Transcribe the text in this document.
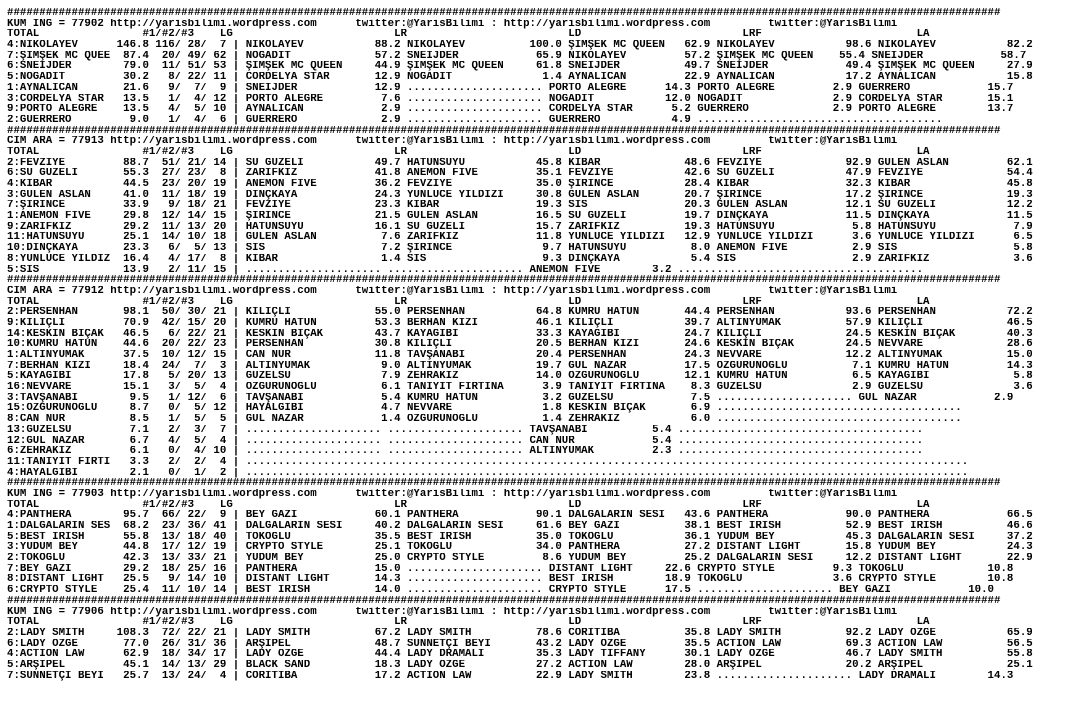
##########################################################################################################################################################
KUM ING = 77902 http://yarisbilimi.wordpress.com      twitter:@YarisBilimi : http://yarisbilimi.wordpress.com         twitter:@YarisBilimi
TOTAL                #1/#2/#3    LG                         LR                         LD                         LRF                        LA
4:NIKOLAYEV      146.8 116/ 28/  7 | NİKOLAYEV           88.2 NIKOLAYEV          100.0 ŞİMŞEK MC QUEEN   62.9 NIKOLAYEV           98.6 NIKOLAYEV           82.2
7:ŞİMŞEK MC QUEE  87.4  20/ 49/ 62 | NOĞADİT             57.2 SNEIJDER            65.9 NİKOLAYEV         57.2 ŞİMŞEK MC QUEEN    55.4 SNEIJDER            58.7
6:SNEIJDER        79.0  11/ 51/ 53 | ŞİMŞEK MC QUEEN     44.9 ŞİMŞEK MC QUEEN     61.8 SNEIJDER          49.7 SNEIJDER            49.4 ŞİMŞEK MC QUEEN     27.9
5:NOĞADİT         30.2   8/ 22/ 11 | CORDELYA STAR       12.9 NOĞADİT              1.4 AYNALICAN         22.9 AYNALICAN           17.2 AYNALICAN           15.8
1:AYNALICAN       21.6   9/  7/  9 | SNEIJDER            12.9 ..................... PORTO ALEGRE      14.3 PORTO ALEGRE         2.9 GUERRERO            15.7
3:CORDELYA STAR   13.5   1/  4/ 12 | PORTO ALEGRE         7.6 ..................... NOĞADİT           12.0 NOĞADİT              2.9 CORDELYA STAR       15.1
9:PORTO ALEGRE    13.5   4/  5/ 10 | AYNALICAN            2.9 ..................... CORDELYA STAR      5.2 GUERRERO             2.9 PORTO ALEGRE        13.7
2:GUERRERO         9.0   1/  4/  6 | GUERRERO             2.9 ..................... GUERRERO           4.9 ......................................
##########################################################################################################################################################
CIM ARA = 77913 http://yarisbilimi.wordpress.com      twitter:@YarisBilimi : http://yarisbilimi.wordpress.com         twitter:@YarisBilimi
TOTAL                #1/#2/#3    LG                         LR                         LD                         LRF                        LA
2:FEVZİYE         88.7  51/ 21/ 14 | SU GÜZELİ           49.7 HATUNSUYU           45.8 KİBAR             48.6 FEVZİYE             92.9 GÜLEN ASLAN         62.1
6:SU GÜZELİ       55.3  27/ 23/  8 | ZARİFKIZ            41.8 ANEMON FIVE         35.1 FEVZİYE           42.6 SU GÜZELİ           47.9 FEVZİYE             54.4
4:KİBAR           44.5  23/ 20/ 19 | ANEMON FIVE         36.2 FEVZİYE             35.0 ŞİRİNCE           28.4 KİBAR               32.3 KİBAR               45.8
3:GÜLEN ASLAN     41.0  11/ 18/ 19 | DİNÇKAYA            24.3 YÜNLÜCE YILDIZI     30.8 GÜLEN ASLAN       20.7 ŞİRİNCE             17.2 ŞİRİNCE             19.3
7:ŞİRİNCE         33.9   9/ 18/ 21 | FEVZİYE             23.3 KİBAR               19.3 SİS               20.3 GÜLEN ASLAN         12.1 SU GÜZELİ           12.2
1:ANEMON FIVE     29.8  12/ 14/ 15 | ŞİRİNCE             21.5 GÜLEN ASLAN         16.5 SU GÜZELİ         19.7 DİNÇKAYA            11.5 DİNÇKAYA            11.5
9:ZARİFKIZ        29.2  11/ 13/ 20 | HATUNSUYU           16.1 SU GÜZELİ           15.7 ZARİFKIZ          19.3 HATUNSUYU            5.8 HATUNSUYU            7.9
11:HATUNSUYU      25.1  14/ 10/ 18 | GÜLEN ASLAN          7.6 ZARİFKIZ            11.8 YÜNLÜCE YILDIZI   12.9 YÜNLÜCE YILDIZI      3.6 YÜNLÜCE YILDIZI      6.5
10:DİNÇKAYA       23.3   6/  5/ 13 | SİS                  7.2 ŞİRİNCE              9.7 HATUNSUYU          8.0 ANEMON FIVE          2.9 SİS                  5.8
8:YÜNLÜCE YILDIZ  16.4   4/ 17/  8 | KİBAR                1.4 SİS                  9.3 DİNÇKAYA           5.4 SİS                  2.9 ZARİFKIZ             3.6
5:SİS             13.9   2/ 11/ 15 | ..................... ..................... ANEMON FIVE        3.2 ......................................
##########################################################################################################################################################
CIM ARA = 77912 http://yarisbilimi.wordpress.com      twitter:@YarisBilimi : http://yarisbilimi.wordpress.com         twitter:@YarisBilimi
TOTAL                #1/#2/#3    LG                         LR                         LD                         LRF                        LA
2:PERSENHAN       98.1  50/ 30/ 21 | KILIÇLI             55.0 PERSENHAN           64.8 KUMRU HATUN       44.4 PERSENHAN           93.6 PERSENHAN           72.2
9:KILIÇLI         70.9  42/ 15/ 20 | KUMRU HATUN         53.3 BERHAN KIZI         46.1 KILIÇLI           39.7 ALTINYUMAK          57.9 KILIÇLI             46.5
14:KESKİN BIÇAK   46.5   6/ 22/ 21 | KESKİN BIÇAK        43.7 KAYAĞIBI            33.3 KAYAĞIBI          24.7 KILIÇLI             24.5 KESKİN BIÇAK        40.3
10:KUMRU HATUN    44.6  20/ 22/ 23 | PERSENHAN           30.8 KILIÇLI             20.5 BERHAN KIZI       24.6 KESKİN BIÇAK        24.5 NEVVARE             28.6
1:ALTINYUMAK      37.5  10/ 12/ 15 | CAN NUR             11.8 TAVŞANABİ           20.4 PERSENHAN         24.3 NEVVARE             12.2 ALTINYUMAK          15.0
7:BERHAN KIZI     18.4  24/  7/  3 | ALTINYUMAK           9.0 ALTINYUMAK          19.7 GÜL NAZAR         17.5 ÖZGÜRÜNOĞLU          7.1 KUMRU HATUN         14.3
5:KAYAĞIBI        17.8   5/ 20/ 13 | GÜZELSU              7.9 ZEHRAKIZ            14.0 ÖZGÜRÜNOĞLU       12.1 KUMRU HATUN          6.5 KAYAĞIBI             5.8
16:NEVVARE        15.1   3/  5/  4 | ÖZGÜRÜNOĞLU          6.1 TANIYIT FIRTINA      3.9 TANIYIT FIRTINA    8.3 GÜZELSU              2.9 GÜZELSU              3.6
3:TAVŞANABİ        9.5   1/ 12/  6 | TAVŞANABİ            5.4 KUMRU HATUN          3.2 GÜZELSU            7.5 ..................... GÜL NAZAR            2.9
15:ÖZGÜRÜNOĞLU     8.7   0/  5/ 12 | HAYALGİBİ            4.7 NEVVARE              1.8 KESKİN BIÇAK       6.9 ......................................
8:CAN NUR          8.5   1/  5/  5 | GÜL NAZAR            1.4 ÖZGÜRÜNOĞLU          1.4 ZEHRAKIZ           6.0 ......................................
13:GÜZELSU         7.1   2/  3/  7 | ..................... ..................... TAVŞANABİ          5.4 ......................................
12:GÜL NAZAR       6.7   4/  5/  4 | ..................... ..................... CAN NUR            5.4 ......................................
6:ZEHRAKIZ         6.1   0/  4/ 10 | ..................... ..................... ALTINYUMAK         2.3 ......................................
11:TANIYIT FIRTI   3.3   2/  2/  4 | ................................................................................................................
4:HAYALGİBİ        2.1   0/  1/  2 | ................................................................................................................
##########################################################################################################################################################
KUM ING = 77903 http://yarisbilimi.wordpress.com      twitter:@YarisBilimi : http://yarisbilimi.wordpress.com         twitter:@YarisBilimi
TOTAL                #1/#2/#3    LG                         LR                         LD                         LRF                        LA
4:PANTHERA        95.7  66/ 22/  9 | BEY GAZİ            60.1 PANTHERA            90.1 DALGALARIN SESİ   43.6 PANTHERA            90.0 PANTHERA            66.5
1:DALGALARIN SES  68.2  23/ 36/ 41 | DALGALARIN SESİ     40.2 DALGALARIN SESİ     61.6 BEY GAZİ          38.1 BEST IRISH          52.9 BEST IRISH          46.6
5:BEST IRISH      55.8  13/ 18/ 40 | TOKOĞLU             35.5 BEST IRISH          35.0 TOKOĞLU           36.1 YUDUM BEY           45.3 DALGALARIN SESİ     37.2
3:YUDUM BEY       44.8  17/ 12/ 19 | CRYPTO STYLE        25.1 TOKOĞLU             34.0 PANTHERA          27.2 DISTANT LIGHT       15.8 YUDUM BEY           24.3
2:TOKOĞLU         42.3  13/ 33/ 21 | YUDUM BEY           25.0 CRYPTO STYLE         8.6 YUDUM BEY         25.2 DALGALARIN SESİ     12.2 DISTANT LIGHT       22.9
7:BEY GAZİ        29.2  18/ 25/ 16 | PANTHERA            15.0 ..................... DISTANT LIGHT     22.6 CRYPTO STYLE         9.3 TOKOĞLU             10.8
8:DISTANT LIGHT   25.5   9/ 14/ 10 | DISTANT LIGHT       14.3 ..................... BEST IRISH        18.9 TOKOĞLU              3.6 CRYPTO STYLE        10.8
6:CRYPTO STYLE    25.4  11/ 10/ 14 | BEST IRISH          14.0 ..................... CRYPTO STYLE      17.5 ..................... BEY GAZİ            10.0
##########################################################################################################################################################
KUM ING = 77906 http://yarisbilimi.wordpress.com      twitter:@YarisBilimi : http://yarisbilimi.wordpress.com         twitter:@YarisBilimi
TOTAL                #1/#2/#3    LG                         LR                         LD                         LRF                        LA
2:LADY SMITH     108.3  72/ 22/ 21 | LADY SMITH          67.2 LADY SMITH          78.6 CORITIBA          35.8 LADY SMITH          92.2 LADY ÖZGE           65.9
6:LADY ÖZGE       77.0  26/ 31/ 36 | ARŞİPEL             48.7 SÜNNETÇİ BEYİ       43.2 LADY ÖZGE         35.5 ACTION LAW          69.3 ACTION LAW          56.5
4:ACTION LAW      62.9  18/ 34/ 17 | LADY ÖZGE           44.4 LADY DRAMALI        35.3 LADY TIFFANY      30.1 LADY ÖZGE           46.7 LADY SMITH          55.8
5:ARŞİPEL         45.1  14/ 13/ 29 | BLACK SAND          18.3 LADY ÖZGE           27.2 ACTION LAW        28.0 ARŞİPEL             20.2 ARŞİPEL             25.1
7:SÜNNETÇİ BEYİ   25.7  13/ 24/  4 | CORITIBA            17.2 ACTION LAW          22.9 LADY SMITH        23.8 ..................... LADY DRAMALI        14.3
